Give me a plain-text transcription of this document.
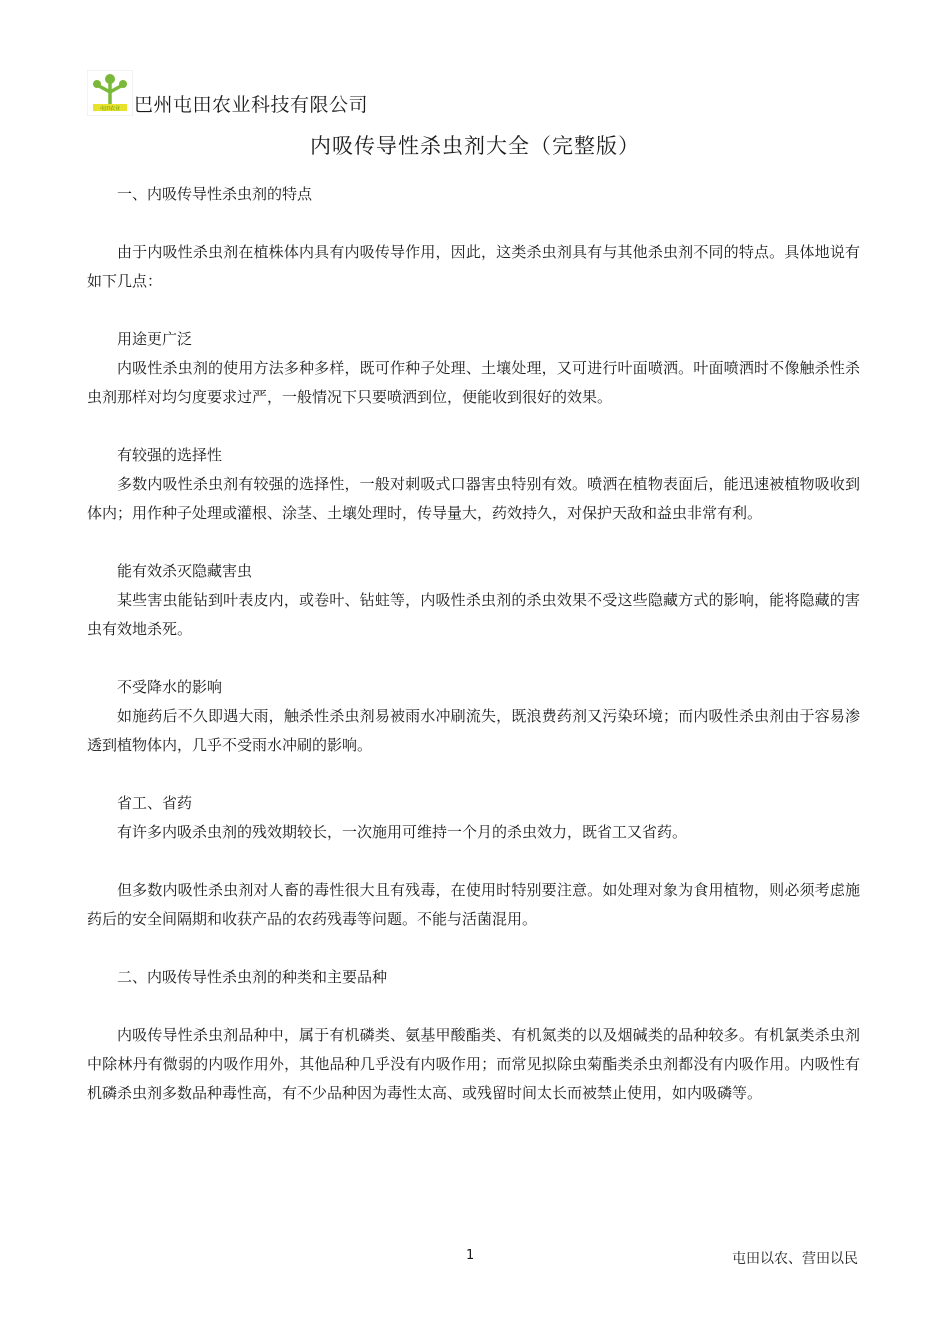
屯田农业 巴州屯田农业科技有限公司
内吸传导性杀虫剂大全（完整版）

一、内吸传导性杀虫剂的特点

由于内吸性杀虫剂在植株体内具有内吸传导作用，因此，这类杀虫剂具有与其他杀虫剂不同的特点。具体地说有如下几点：

用途更广泛

内吸性杀虫剂的使用方法多种多样，既可作种子处理、土壤处理，又可进行叶面喷洒。叶面喷洒时不像触杀性杀虫剂那样对均匀度要求过严，一般情况下只要喷洒到位，便能收到很好的效果。

有较强的选择性

多数内吸性杀虫剂有较强的选择性，一般对刺吸式口器害虫特别有效。喷洒在植物表面后，能迅速被植物吸收到体内；用作种子处理或灌根、涂茎、土壤处理时，传导量大，药效持久，对保护天敌和益虫非常有利。

能有效杀灭隐藏害虫

某些害虫能钻到叶表皮内，或卷叶、钻蛀等，内吸性杀虫剂的杀虫效果不受这些隐藏方式的影响，能将隐藏的害虫有效地杀死。

不受降水的影响

如施药后不久即遇大雨，触杀性杀虫剂易被雨水冲刷流失，既浪费药剂又污染环境；而内吸性杀虫剂由于容易渗透到植物体内，几乎不受雨水冲刷的影响。

省工、省药

有许多内吸杀虫剂的残效期较长，一次施用可维持一个月的杀虫效力，既省工又省药。

但多数内吸性杀虫剂对人畜的毒性很大且有残毒，在使用时特别要注意。如处理对象为食用植物，则必须考虑施药后的安全间隔期和收获产品的农药残毒等问题。不能与活菌混用。

二、内吸传导性杀虫剂的种类和主要品种

内吸传导性杀虫剂品种中，属于有机磷类、氨基甲酸酯类、有机氮类的以及烟碱类的品种较多。有机氯类杀虫剂中除林丹有微弱的内吸作用外，其他品种几乎没有内吸作用；而常见拟除虫菊酯类杀虫剂都没有内吸作用。内吸性有机磷杀虫剂多数品种毒性高，有不少品种因为毒性太高、或残留时间太长而被禁止使用，如内吸磷等。

1	屯田以农、营田以民
